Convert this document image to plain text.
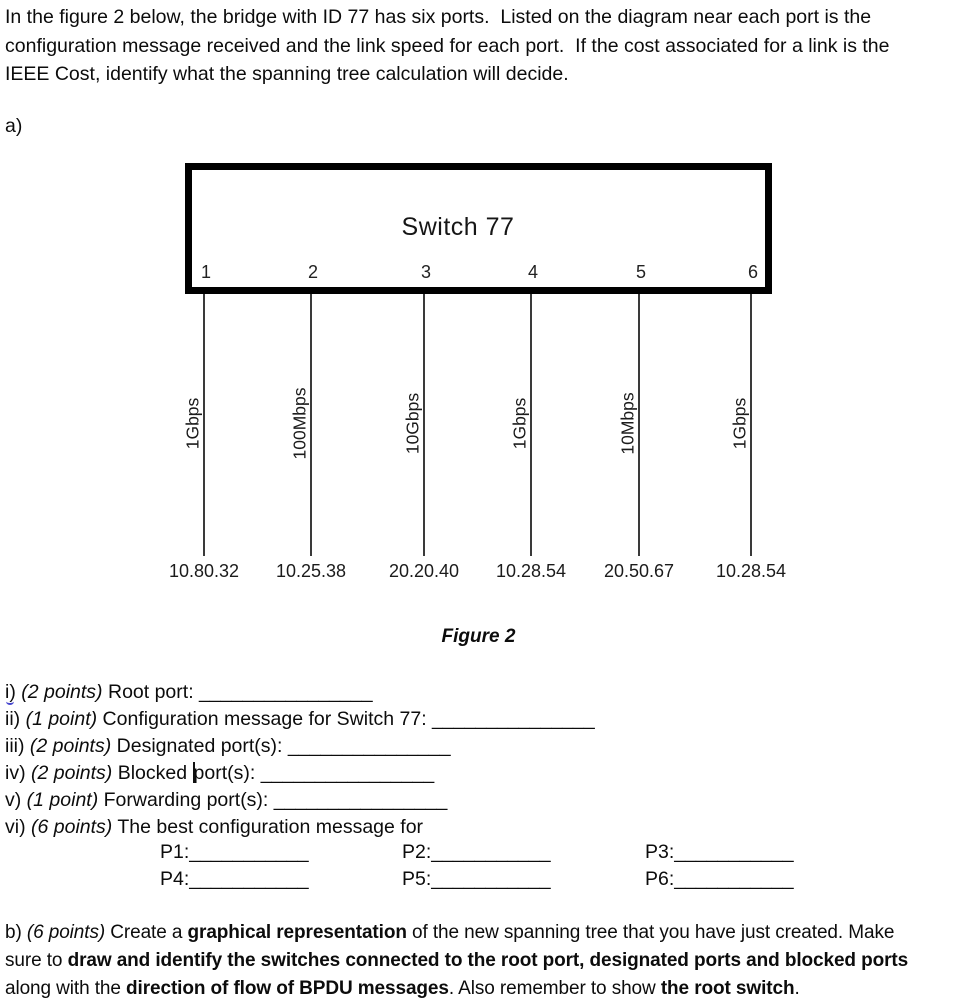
In the figure 2 below, the bridge with ID 77 has six ports.  Listed on the diagram near each port is the
configuration message received and the link speed for each port.  If the cost associated for a link is the
IEEE Cost, identify what the spanning tree calculation will decide.
a)
Switch 77
1	2	3	4	5	6
1Gbps
10.80.32
100Mbps
10.25.38
10Gbps
20.20.40
1Gbps
10.28.54
10Mbps
20.50.67
1Gbps
10.28.54
Figure 2
i) (2 points) Root port: ________________
ii) (1 point) Configuration message for Switch 77: _______________
iii) (2 points) Designated port(s): _______________
iv) (2 points) Blocked port(s): ________________
v) (1 point) Forwarding port(s): ________________
vi) (6 points) The best configuration message for
P1:___________	P2:___________	P3:___________
P4:___________	P5:___________	P6:___________
b) (6 points) Create a graphical representation of the new spanning tree that you have just created. Make
sure to draw and identify the switches connected to the root port, designated ports and blocked ports
along with the direction of flow of BPDU messages. Also remember to show the root switch.
